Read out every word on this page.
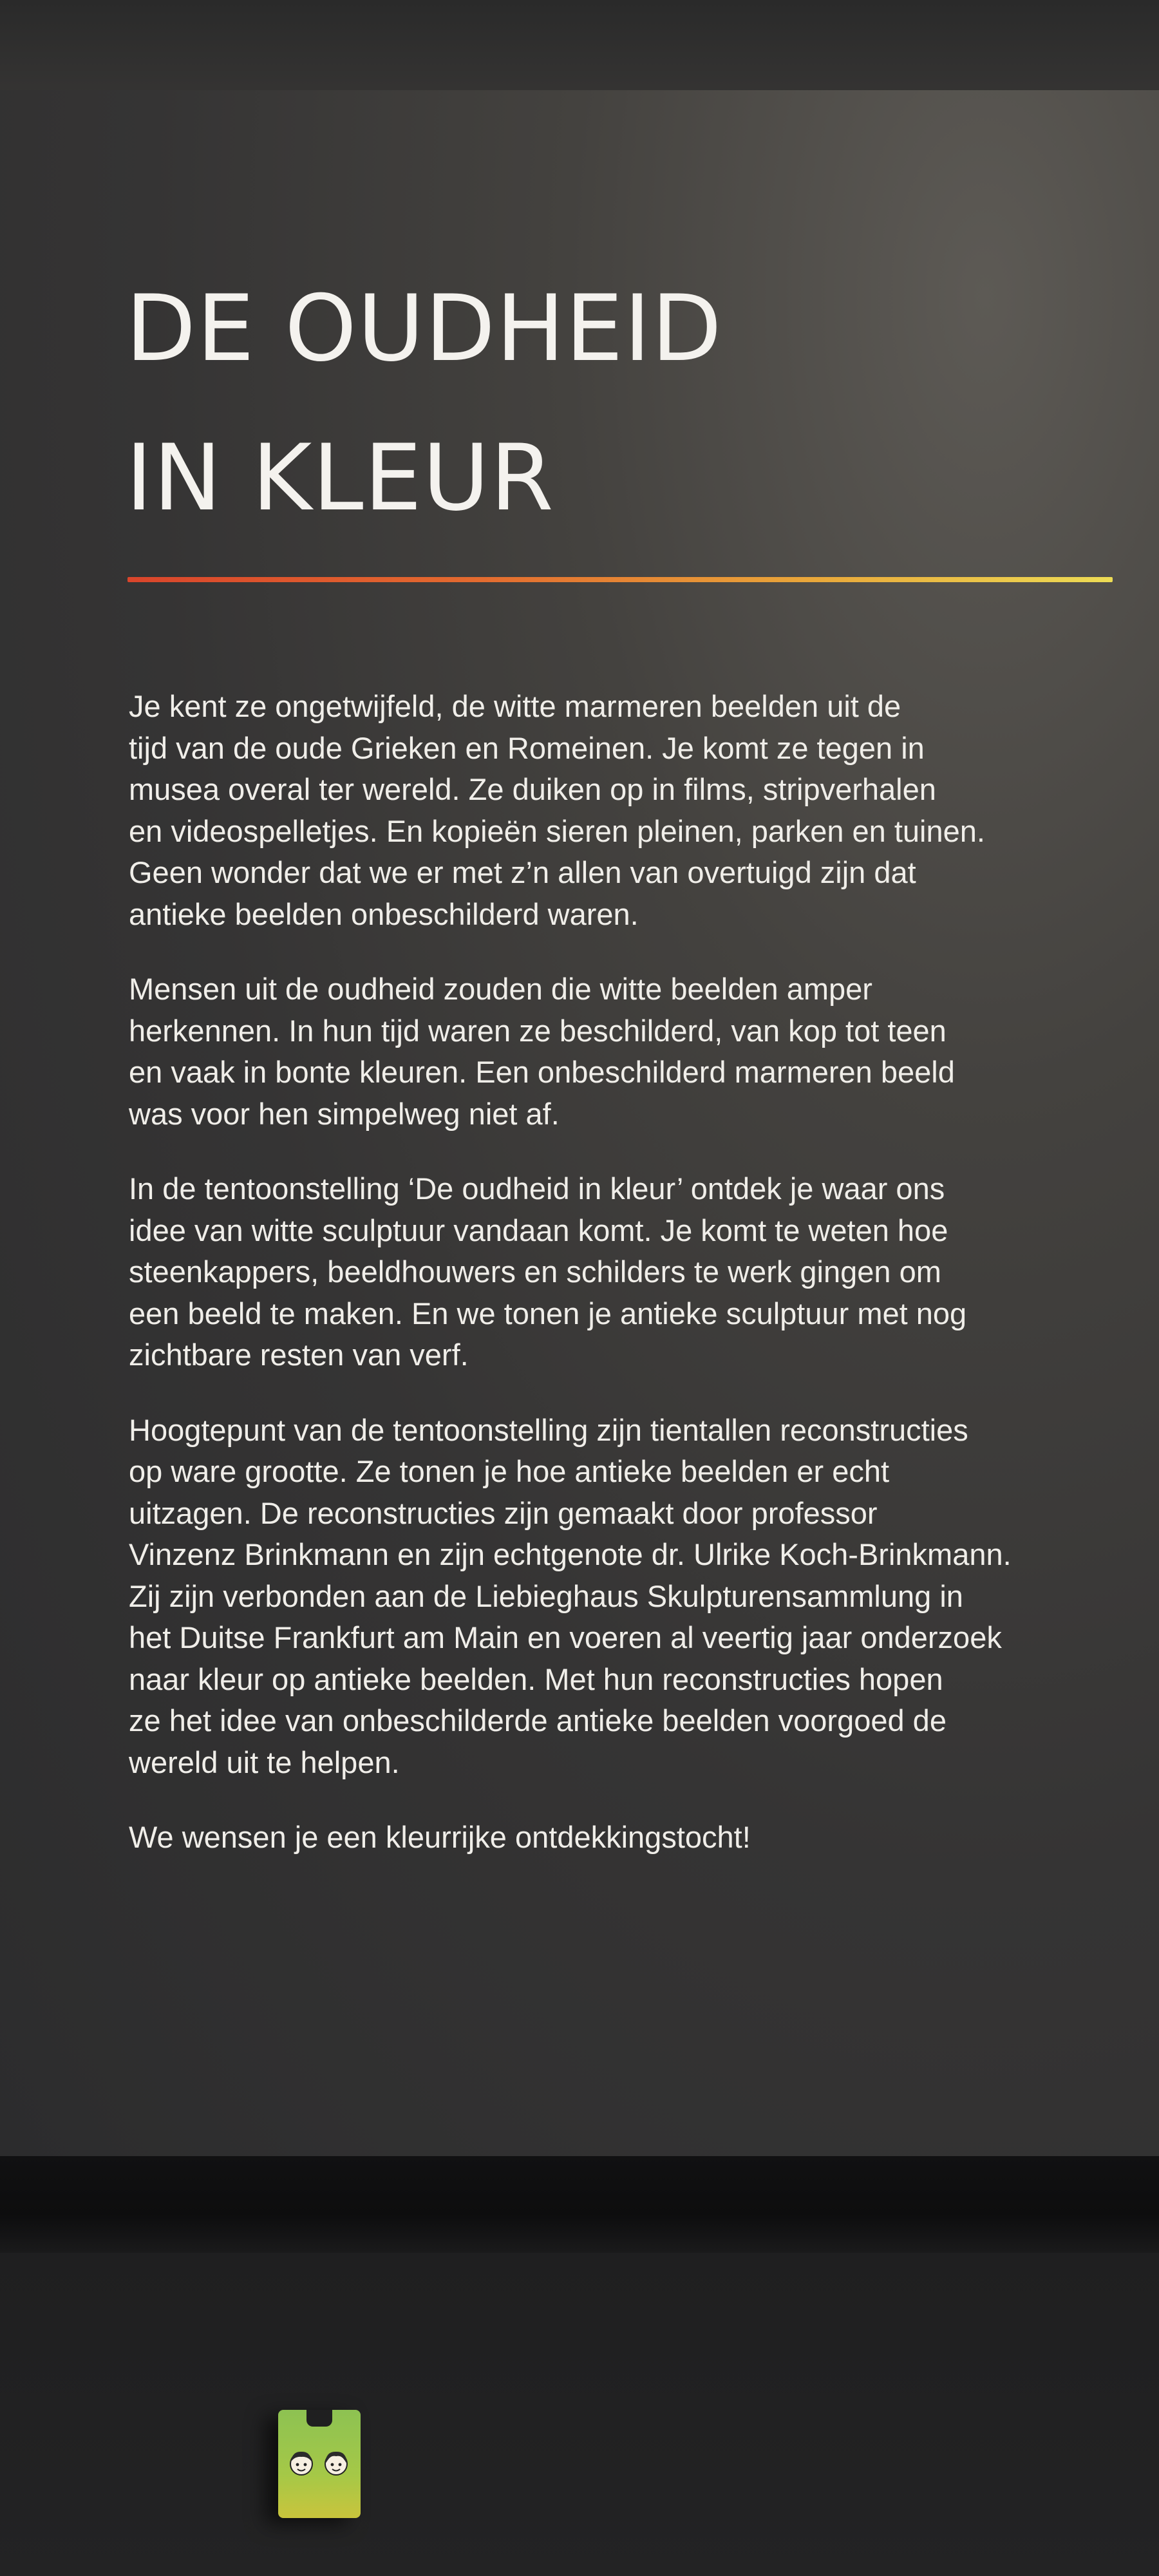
DE OUDHEID
IN KLEUR

Je kent ze ongetwijfeld, de witte marmeren beelden uit de
tijd van de oude Grieken en Romeinen. Je komt ze tegen in
musea overal ter wereld. Ze duiken op in films, stripverhalen
en videospelletjes. En kopieën sieren pleinen, parken en tuinen.
Geen wonder dat we er met z’n allen van overtuigd zijn dat
antieke beelden onbeschilderd waren.

Mensen uit de oudheid zouden die witte beelden amper
herkennen. In hun tijd waren ze beschilderd, van kop tot teen
en vaak in bonte kleuren. Een onbeschilderd marmeren beeld
was voor hen simpelweg niet af.

In de tentoonstelling ‘De oudheid in kleur’ ontdek je waar ons
idee van witte sculptuur vandaan komt. Je komt te weten hoe
steenkappers, beeldhouwers en schilders te werk gingen om
een beeld te maken. En we tonen je antieke sculptuur met nog
zichtbare resten van verf.

Hoogtepunt van de tentoonstelling zijn tientallen reconstructies
op ware grootte. Ze tonen je hoe antieke beelden er echt
uitzagen. De reconstructies zijn gemaakt door professor
Vinzenz Brinkmann en zijn echtgenote dr. Ulrike Koch-Brinkmann.
Zij zijn verbonden aan de Liebieghaus Skulpturensammlung in
het Duitse Frankfurt am Main en voeren al veertig jaar onderzoek
naar kleur op antieke beelden. Met hun reconstructies hopen
ze het idee van onbeschilderde antieke beelden voorgoed de
wereld uit te helpen.

We wensen je een kleurrijke ontdekkingstocht!
